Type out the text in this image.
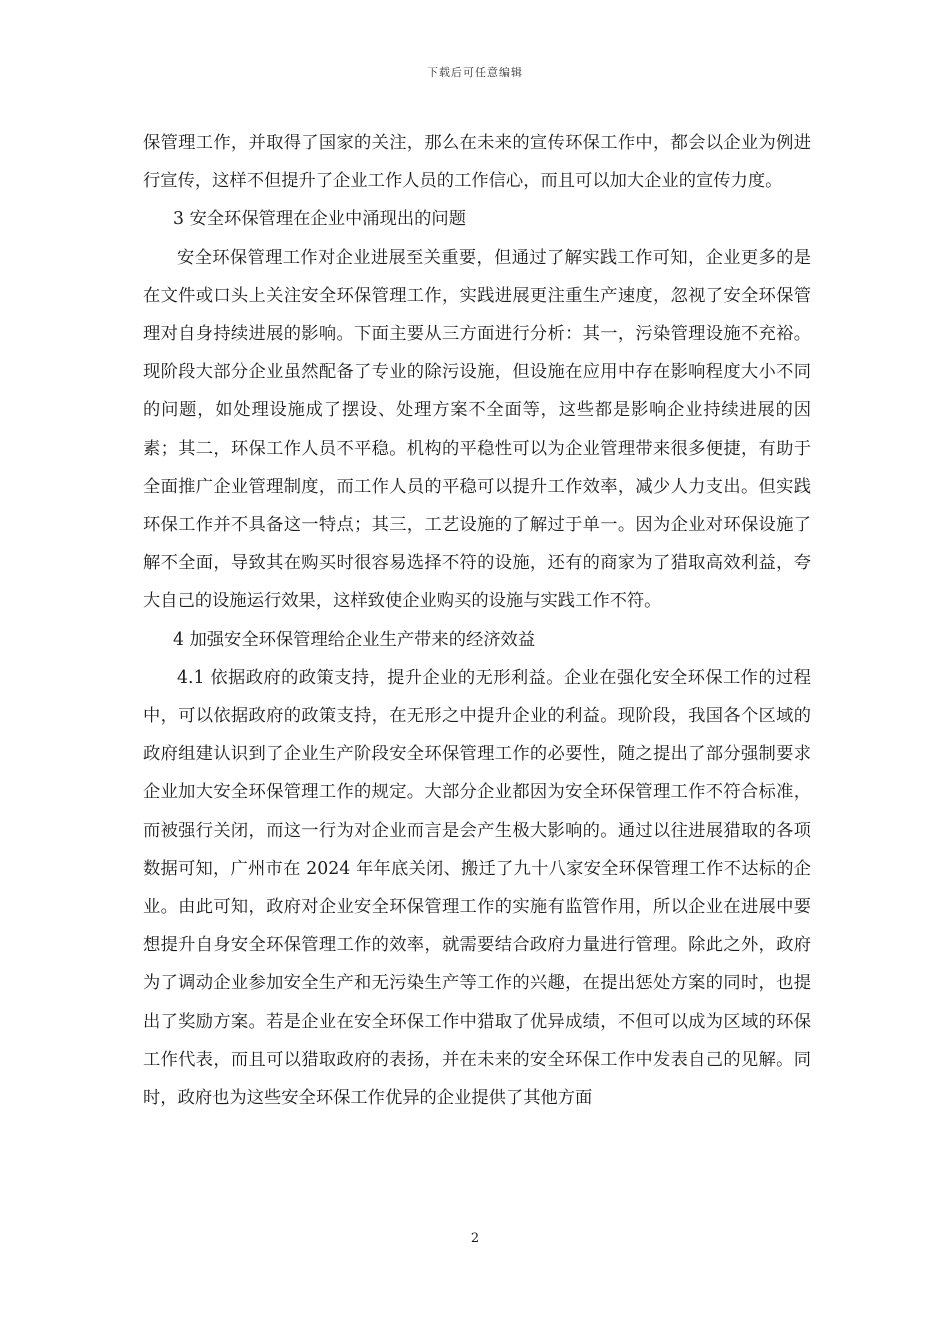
下载后可任意编辑

保管理工作，并取得了国家的关注，那么在未来的宣传环保工作中，都会以企业为例进行宣传，这样不但提升了企业工作人员的工作信心，而且可以加大企业的宣传力度。

3 安全环保管理在企业中涌现出的问题

安全环保管理工作对企业进展至关重要，但通过了解实践工作可知，企业更多的是在文件或口头上关注安全环保管理工作，实践进展更注重生产速度，忽视了安全环保管理对自身持续进展的影响。下面主要从三方面进行分析：其一，污染管理设施不充裕。现阶段大部分企业虽然配备了专业的除污设施，但设施在应用中存在影响程度大小不同的问题，如处理设施成了摆设、处理方案不全面等，这些都是影响企业持续进展的因素；其二，环保工作人员不平稳。机构的平稳性可以为企业管理带来很多便捷，有助于全面推广企业管理制度，而工作人员的平稳可以提升工作效率，减少人力支出。但实践环保工作并不具备这一特点；其三，工艺设施的了解过于单一。因为企业对环保设施了解不全面，导致其在购买时很容易选择不符的设施，还有的商家为了猎取高效利益，夸大自己的设施运行效果，这样致使企业购买的设施与实践工作不符。

4 加强安全环保管理给企业生产带来的经济效益

4.1 依据政府的政策支持，提升企业的无形利益。企业在强化安全环保工作的过程中，可以依据政府的政策支持，在无形之中提升企业的利益。现阶段，我国各个区域的政府组建认识到了企业生产阶段安全环保管理工作的必要性，随之提出了部分强制要求企业加大安全环保管理工作的规定。大部分企业都因为安全环保管理工作不符合标准，而被强行关闭，而这一行为对企业而言是会产生极大影响的。通过以往进展猎取的各项数据可知，广州市在 2024 年年底关闭、搬迁了九十八家安全环保管理工作不达标的企业。由此可知，政府对企业安全环保管理工作的实施有监管作用，所以企业在进展中要想提升自身安全环保管理工作的效率，就需要结合政府力量进行管理。除此之外，政府为了调动企业参加安全生产和无污染生产等工作的兴趣，在提出惩处方案的同时，也提出了奖励方案。若是企业在安全环保工作中猎取了优异成绩，不但可以成为区域的环保工作代表，而且可以猎取政府的表扬，并在未来的安全环保工作中发表自己的见解。同时，政府也为这些安全环保工作优异的企业提供了其他方面

2
